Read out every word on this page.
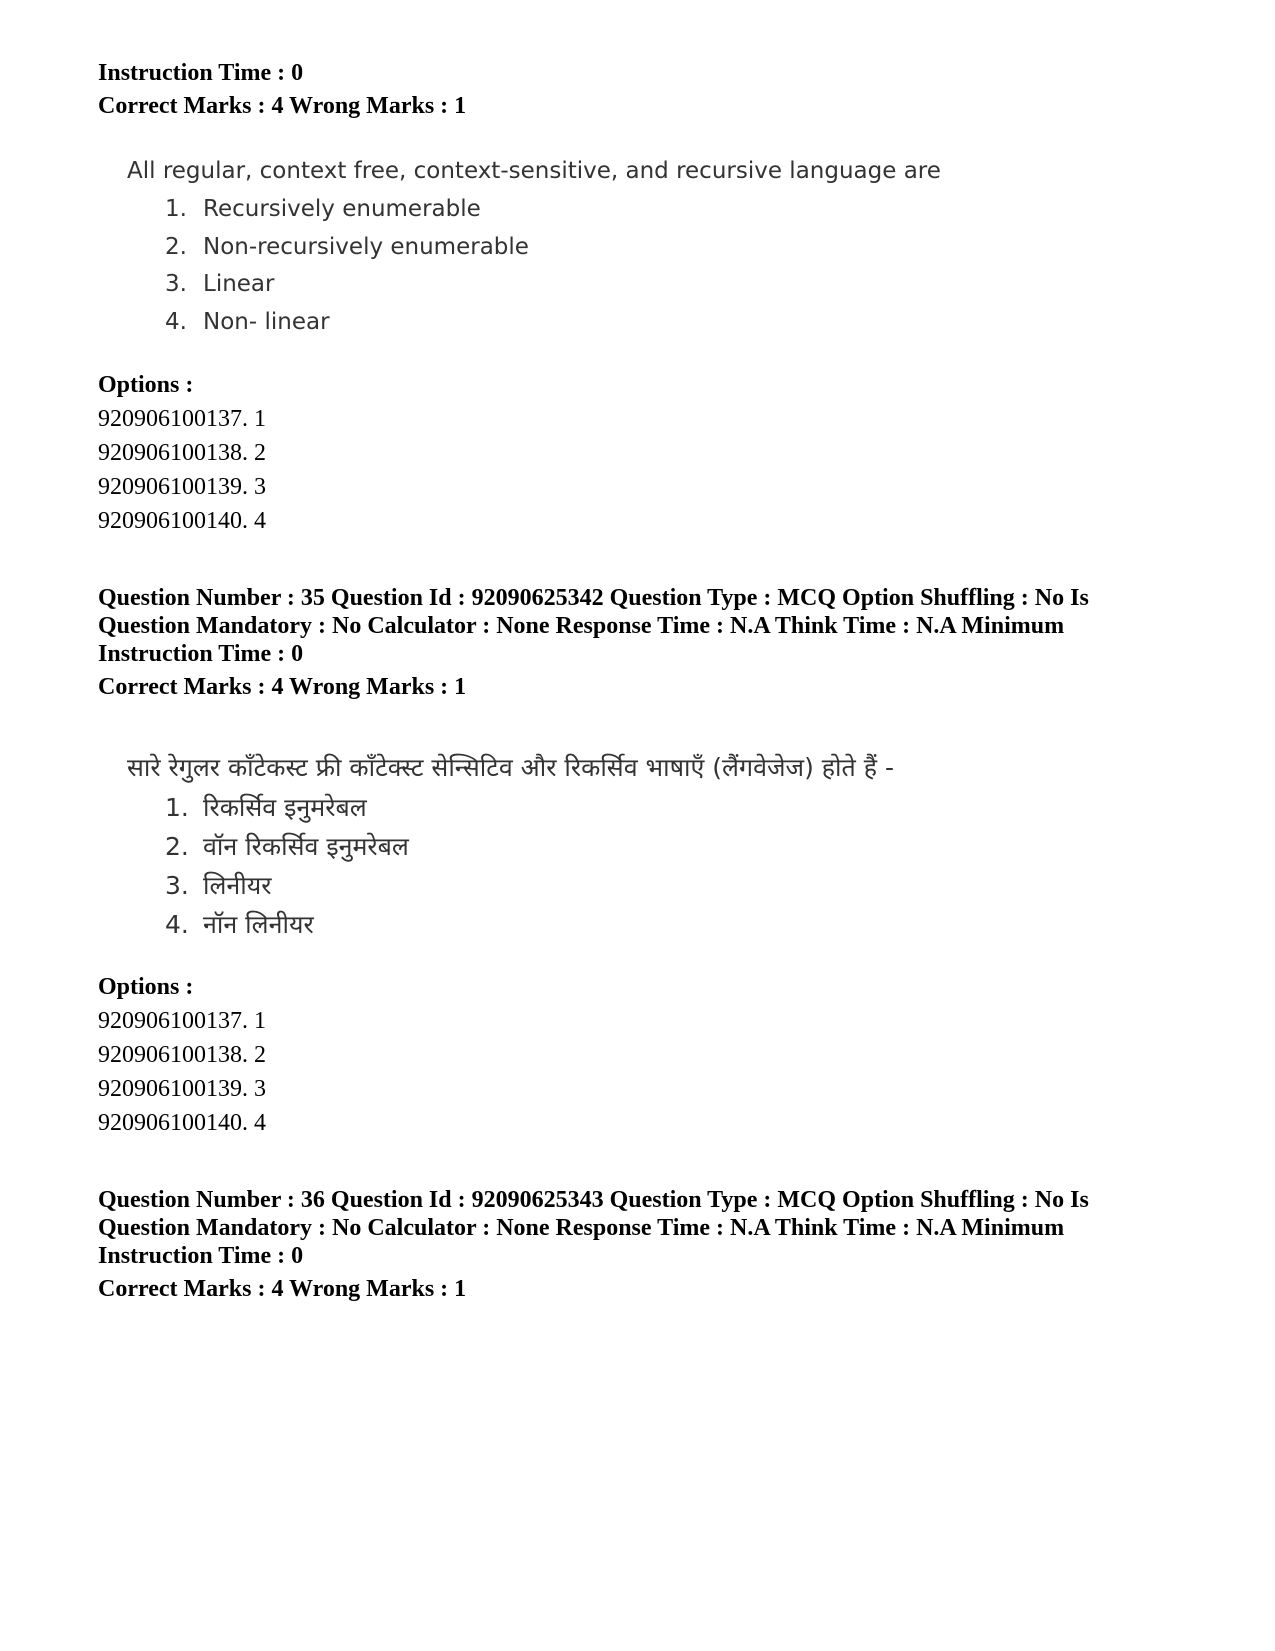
Instruction Time : 0
Correct Marks : 4 Wrong Marks : 1
All regular, context free, context-sensitive, and recursive language are
1. Recursively enumerable
2. Non-recursively enumerable
3. Linear
4. Non- linear
Options :
920906100137. 1
920906100138. 2
920906100139. 3
920906100140. 4
Question Number : 35 Question Id : 92090625342 Question Type : MCQ Option Shuffling : No Is
Question Mandatory : No Calculator : None Response Time : N.A Think Time : N.A Minimum
Instruction Time : 0
Correct Marks : 4 Wrong Marks : 1
सारे रेगुलर कॉंटेकस्ट फ्री कॉंटेक्स्ट सेन्सिटिव और रिकर्सिव भाषाएँ (लैंगवेजेज) होते हैं -
1. रिकर्सिव इनुमरेबल
2. वॉन रिकर्सिव इनुमरेबल
3. लिनीयर
4. नॉन लिनीयर
Options :
920906100137. 1
920906100138. 2
920906100139. 3
920906100140. 4
Question Number : 36 Question Id : 92090625343 Question Type : MCQ Option Shuffling : No Is
Question Mandatory : No Calculator : None Response Time : N.A Think Time : N.A Minimum
Instruction Time : 0
Correct Marks : 4 Wrong Marks : 1
